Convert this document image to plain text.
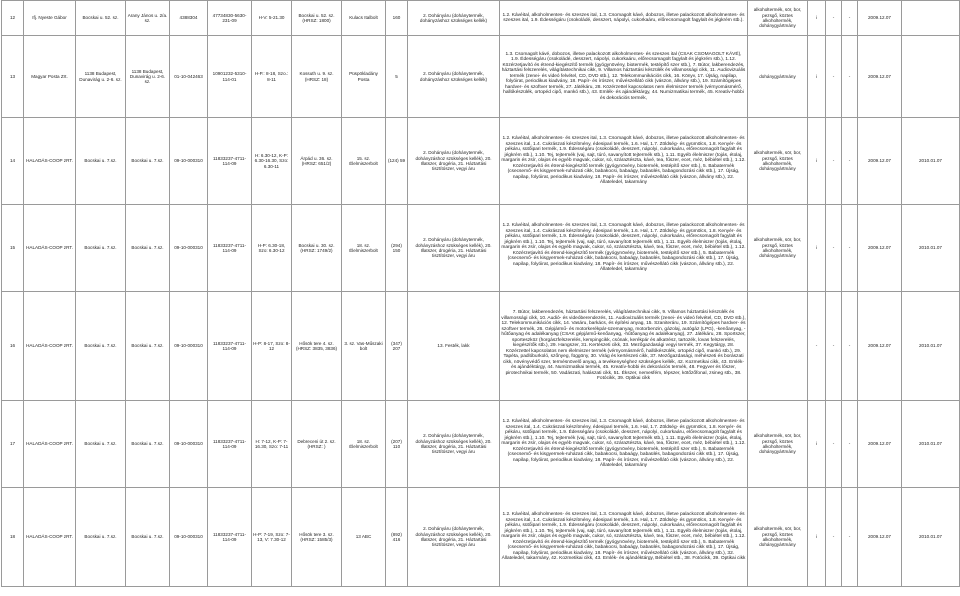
12	Ifj. Nyeste Gábor	Bocskai u. 52. sz.	Arany János u. 2/a. sz.	4388304	47734830-5630-231-09	H-V: 5-21.30	Bocskai u. 52. sz. (HRSZ: 1800)	Kulacs Italbolt	160	2. Dohányáru (dohánytermék, dohányzáshoz szükséges kellék)	1.2. Kávéital, alkoholmentes- és szeszes ital, 1.3. Csomagolt kávé, dobozos, illetve palackozott alkoholmentes- és szeszes ital, 1.9. Édességáru (csokoládé, desszert, nápolyi, cukorkaáru, előrecsomagolt fagylalt és jégkrém stb.).	alkoholtermék, sör, bor, pezsgő, köztes alkoholtermék, dohánygyártmány	i	-	-	2009.12.07	
13	Magyar Posta Zrt.	1138 Budapest, Dunavirág u. 2-6. sz.	1138 Budapest, Dunavirág u. 2-6. sz.	01-10-042463	10901232-5310-114-01	H-P.: 8-18, Szo.: 8-11	Kossuth u. 9. sz.(HRSZ: 18)	Püspökladány Posta	5	2. Dohányáru (dohánytermék, dohányzáshoz szükséges kellék)	1.3. Csomagolt kávé, dobozos, illetve palackozott alkoholmentes- és szeszes ital (CSAK CSOMAGOLT KÁVÉ), 1.9. Édességáru (csokoládé, desszert, nápolyi, cukorkaáru, előrecsomagolt fagylalt és jégkrém stb.), 1.12. Közérzetjavító és étrend-kiegészítő termék (gyógynövény, biotermék, testépítő szer stb.), 7. Bútor, lakberendezés, háztartási felszerelés, világítástechnikai cikk, 9. Villamos háztartási készülék és villamossági cikk, 11. Audiovizuális termék (zenei- és videó felvétel, CD, DVD stb.), 12. Telekommunikációs cikk, 16. Könyv, 17. Újság, napilap, folyóirat, periodikus kiadvány, 18. Papír- és írószer, művészellátó cikk (vászon, állvány stb.), 19. Számítógépes hardver- és szoftver termék, 27. Játékáru, 28. Közérzettel kapcsolatos nem élelmiszer termék (vérnyomásmérő, hallókészülék, ortopéd cipő, mankó stb.), 43. Emlék- és ajándéktárgy, 44. Numizmatikai termék, 45. Kreatív-hobbi és dekorációs termék,	dohánygyártmány	i	-	-	2009.12.07	
14	HALADÁS-COOP zRT.	Bocskai u. 7.sz.	Bocskai u. 7.sz.	09-10-000310	11833237-4711-114-09	H: 6.30-12, K-P: 6.30-16.30, Szo: 6.30-11	Árpád u. 36. sz. (HRSZ: 651/2)	15. sz. Élelmiszerbolt	(124) 59	2. Dohányáru (dohánytermék, dohányzáshoz szükséges kellék), 20. Illatszer, drogéria, 21. Háztartási tisztítószer, vegyi áru	1.2. Kávéital, alkoholmentes- és szeszes ital, 1.3. Csomagolt kávé, dobozos, illetve palackozott alkoholmentes- és szeszes ital, 1.4. Cukrászati készítmény, édesipari termék, 1.6. Hal, 1.7. Zöldség- és gyümölcs, 1.8. Kenyér- és pékáru, sütőipari termék, 1.9. Édességáru (csokoládé, desszert, nápolyi, cukorkaáru, előrecsomagolt fagylalt és jégkrém stb.), 1.10. Tej, tejtermék (vaj, sajt, túró, savanyított tejtermék stb.), 1.11. Egyéb élelmiszer (tojás, étolaj, margarin és zsír, olajos és egyéb magvak, cukor, só, száraztészta, kávé, tea, fűszer, ecet, méz, bébiétel stb.), 1.12. Közérzetjavító és étrend-kiegészítő termék (gyógynövény, biotermék, testépítő szer stb.), 5. Babatermék (csecsemő- és kisgyermek-ruházati cikk, babakocsi, babaágy, babaülés, babagondozási cikk stb.), 17. Újság, napilap, folyóirat, periodikus kiadvány, 18. Papír- és írószer, művészellátó cikk (vászon, állvány stb.), 22. Állateledel, takarmány	alkoholtermék, sör, bor, pezsgő, köztes alkoholtermék, dohánygyártmány	i	-	-	2009.12.07	2010.01.07
15	HALADÁS-COOP zRT.	Bocskai u. 7.sz.	Bocskai u. 7.sz.	09-10-000310	11833237-4711-114-09	H-P: 6.30-18, Szo: 6.30-12	Bocskai u. 30. sz. (HRSZ: 1749/2)	18. sz. Élelmiszerbolt	(294) 150	2. Dohányáru (dohánytermék, dohányzáshoz szükséges kellék), 20. Illatszer, drogéria, 21. Háztartási tisztítószer, vegyi áru	1.2. Kávéital, alkoholmentes- és szeszes ital, 1.3. Csomagolt kávé, dobozos, illetve palackozott alkoholmentes- és szeszes ital, 1.4. Cukrászati készítmény, édesipari termék, 1.6. Hal, 1.7. Zöldség- és gyümölcs, 1.8. Kenyér- és pékáru, sütőipari termék, 1.9. Édességáru (csokoládé, desszert, nápolyi, cukorkaáru, előrecsomagolt fagylalt és jégkrém stb.), 1.10. Tej, tejtermék (vaj, sajt, túró, savanyított tejtermék stb.), 1.11. Egyéb élelmiszer (tojás, étolaj, margarin és zsír, olajos és egyéb magvak, cukor, só, száraztészta, kávé, tea, fűszer, ecet, méz, bébiétel stb.), 1.12. Közérzetjavító és étrend-kiegészítő termék (gyógynövény, biotermék, testépítő szer stb.), 5. Babatermék (csecsemő- és kisgyermek-ruházati cikk, babakocsi, babaágy, babaülés, babagondozási cikk stb.), 17. Újság, napilap, folyóirat, periodikus kiadvány, 18. Papír- és írószer, művészellátó cikk (vászon, állvány stb.), 22. Állateledel, takarmány	alkoholtermék, sör, bor, pezsgő, köztes alkoholtermék, dohánygyártmány	i	-	-	2009.12.07	2010.01.07
16	HALADÁS-COOP zRT.	Bocskai u. 7.sz.	Bocskai u. 7.sz.	09-10-000310	11833237-4711-114-09	H-P: 8-17, Szo: 8-12	Hősök tere 4. sz. (HRSZ: 3835, 3836)	3. sz. Vas-Műszaki bolt	(347) 207	13. Festék, lakk	7. Bútor, lakberendezés, háztartási felszerelés, világítástechnikai cikk, 9. Villamos háztartási készülék és villamossági cikk, 10. Audió- és videóberendezés, 11. Audiovizuális termék (zenei- és videó felvétel, CD, DVD stb.), 12. Telekommunikációs cikk, 14. Vasáru, barkács, és építési anyag, 15. Szaniteráru, 19. Számítógépes hardver- és szoftver termék, 26. Gépjármű- és motorkerékpár-üzemanyag, motorbenzin, gázolaj, autógáz (LPG), -kenőanyag, -hűtőanyag és adalékanyag (CSAK gépjármű-kenőanyag, -hűtőanyag és adalékanyag), 27. Játékáru, 28. Sportszer, sporteszköz (horgászfelszerelés, kempingcikk, csónak, kerékpár és alkatrész, tartozék, lovas felszerelés, kiegészítők stb.), 29. Hangszer, 31. Kertészeti cikk, 33. Mezőgazdasági vegyi termék, 37. Kegytárgy, 28. Közérzettel kapcsolatos nem élelmiszer termék (vérnyomásmérő, hallókészülék, ortopéd cipő, mankó stb.), 29. Tapéta, padlóburkoló, szőnyeg, függöny, 30. Virág és kertészeti cikk, 37. Mezőgazdasági, méhészeti és borászati cikk, növényvédő szer, termésnövelő anyag, a tevékenységhez szükséges kellék, 42. Kozmetikai cikk, 43. Emlék- és ajándéktárgy, 44. Numizmatikai termék, 45. Kreatív-hobbi és dekorációs termék, 48. Fegyver és lőszer, pirotechnikai termék, 50. Vadászati, halászati cikk, 51. Ékszer, nemesfém, tépszer, kötőzőfonal, zsineg stb., 38. Fotócikk, 39. Optikai cikk		-	-	-	2009.12.07	2010.01.07
17	HALADÁS-COOP zRT.	Bocskai u. 7.sz.	Bocskai u. 7.sz.	09-10-000310	11833237-4711-114-09	H: 7-12, K-P: 7-16.30, Szo: 7-11	Debreceni út 2. sz. (HRSZ: )	18. sz. Élelmiszerbolt	(207) 110	2. Dohányáru (dohánytermék, dohányzáshoz szükséges kellék), 20. Illatszer, drogéria, 21. Háztartási tisztítószer, vegyi áru	1.2. Kávéital, alkoholmentes- és szeszes ital, 1.3. Csomagolt kávé, dobozos, illetve palackozott alkoholmentes- és szeszes ital, 1.4. Cukrászati készítmény, édesipari termék, 1.6. Hal, 1.7. Zöldség- és gyümölcs, 1.8. Kenyér- és pékáru, sütőipari termék, 1.9. Édességáru (csokoládé, desszert, nápolyi, cukorkaáru, előrecsomagolt fagylalt és jégkrém stb.), 1.10. Tej, tejtermék (vaj, sajt, túró, savanyított tejtermék stb.), 1.11. Egyéb élelmiszer (tojás, étolaj, margarin és zsír, olajos és egyéb magvak, cukor, só, száraztészta, kávé, tea, fűszer, ecet, méz, bébiétel stb.), 1.12. Közérzetjavító és étrend-kiegészítő termék (gyógynövény, biotermék, testépítő szer stb.), 5. Babatermék (csecsemő- és kisgyermek-ruházati cikk, babakocsi, babaágy, babaülés, babagondozási cikk stb.), 17. Újság, napilap, folyóirat, periodikus kiadvány, 18. Papír- és írószer, művészellátó cikk (vászon, állvány stb.), 22. Állateledel, takarmány	alkoholtermék, sör, bor, pezsgő, köztes alkoholtermék, dohánygyártmány	i	-	-	2009.12.07	2010.01.07
18	HALADÁS-COOP zRT.	Bocskai u. 7.sz.	Bocskai u. 7.sz.	09-10-000310	11833237-4711-114-09	H-P: 7-19, Szo: 7-13, V: 7.30-12	Hősök tere 3. sz. (HRSZ: 1585/3)	13 ABC	(892) 416	2. Dohányáru (dohánytermék, dohányzáshoz szükséges kellék), 20. Illatszer, drogéria, 21. Háztartási tisztítószer, vegyi áru	1.2. Kávéital, alkoholmentes- és szeszes ital, 1.3. Csomagolt kávé, dobozos, illetve palackozott alkoholmentes- és szeszes ital, 1.4. Cukrászati készítmény, édesipari termék, 1.6. Hal, 1.7. Zöldség- és gyümölcs, 1.8. Kenyér- és pékáru, sütőipari termék, 1.9. Édességáru (csokoládé, desszert, nápolyi, cukorkaáru, előrecsomagolt fagylalt és jégkrém stb.), 1.10. Tej, tejtermék (vaj, sajt, túró, savanyított tejtermék stb.), 1.11. Egyéb élelmiszer (tojás, étolaj, margarin és zsír, olajos és egyéb magvak, cukor, só, száraztészta, kávé, tea, fűszer, ecet, méz, bébiétel stb.), 1.12. Közérzetjavító és étrend-kiegészítő termék (gyógynövény, biotermék, testépítő szer stb.), 5. Babatermék (csecsemő- és kisgyermek-ruházati cikk, babakocsi, babaágy, babaülés, babagondozási cikk stb.), 17. Újság, napilap, folyóirat, periodikus kiadvány, 18. Papír- és írószer, művészellátó cikk (vászon, állvány stb.), 32. Állateledel, takarmány, 42. Kozmetikai cikk, 43. Emlék- és ajándéktárgy, Bébiétel stb., 38. Fotócikk, 39. Optikai cikk	alkoholtermék, sör, bor, pezsgő, köztes alkoholtermék, dohánygyártmány	i	-	-	2009.12.07	2010.01.07
